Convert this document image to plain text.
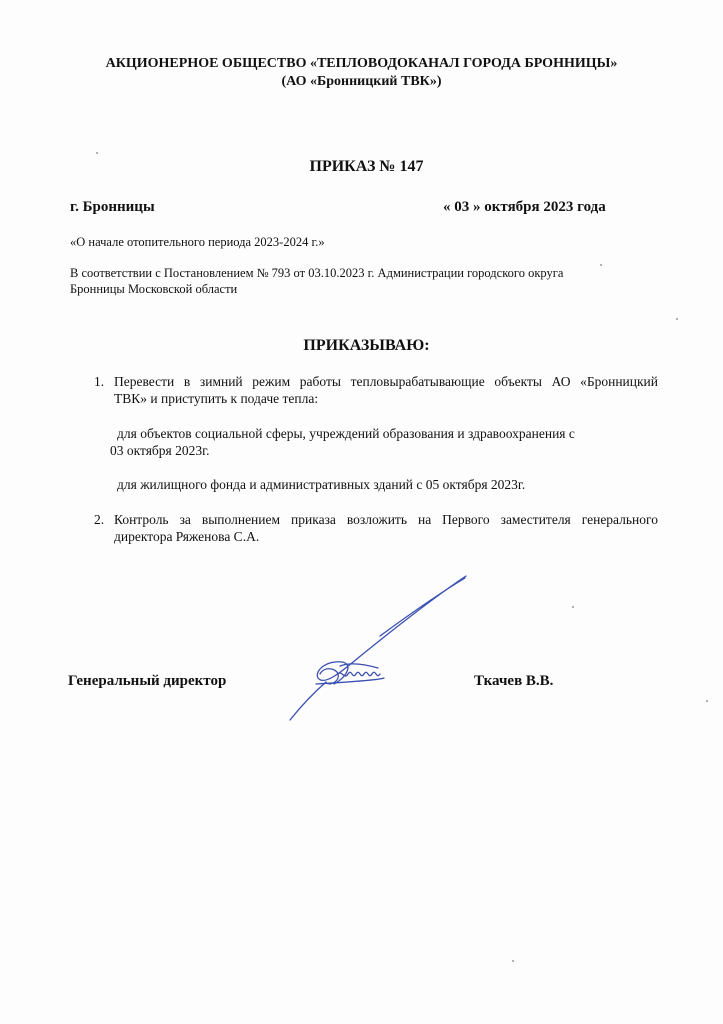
АКЦИОНЕРНОЕ ОБЩЕСТВО «ТЕПЛОВОДОКАНАЛ ГОРОДА БРОННИЦЫ»
(АО «Бронницкий ТВК»)
ПРИКАЗ № 147
г. Бронницы	« 03 » октября 2023 года
«О начале отопительного периода 2023-2024 г.»
В соответствии с Постановлением № 793 от 03.10.2023 г. Администрации городского округа
Бронницы Московской области
ПРИКАЗЫВАЮ:
1. Перевести в зимний режим работы тепловырабатывающие объекты АО «Бронницкий
ТВК» и приступить к подаче тепла:
для объектов социальной сферы, учреждений образования и здравоохранения с
03 октября 2023г.
для жилищного фонда и административных зданий с 05 октября 2023г.
2. Контроль за выполнением приказа возложить на Первого заместителя генерального
директора Ряженова С.А.
Генеральный директор	Ткачев В.В.
